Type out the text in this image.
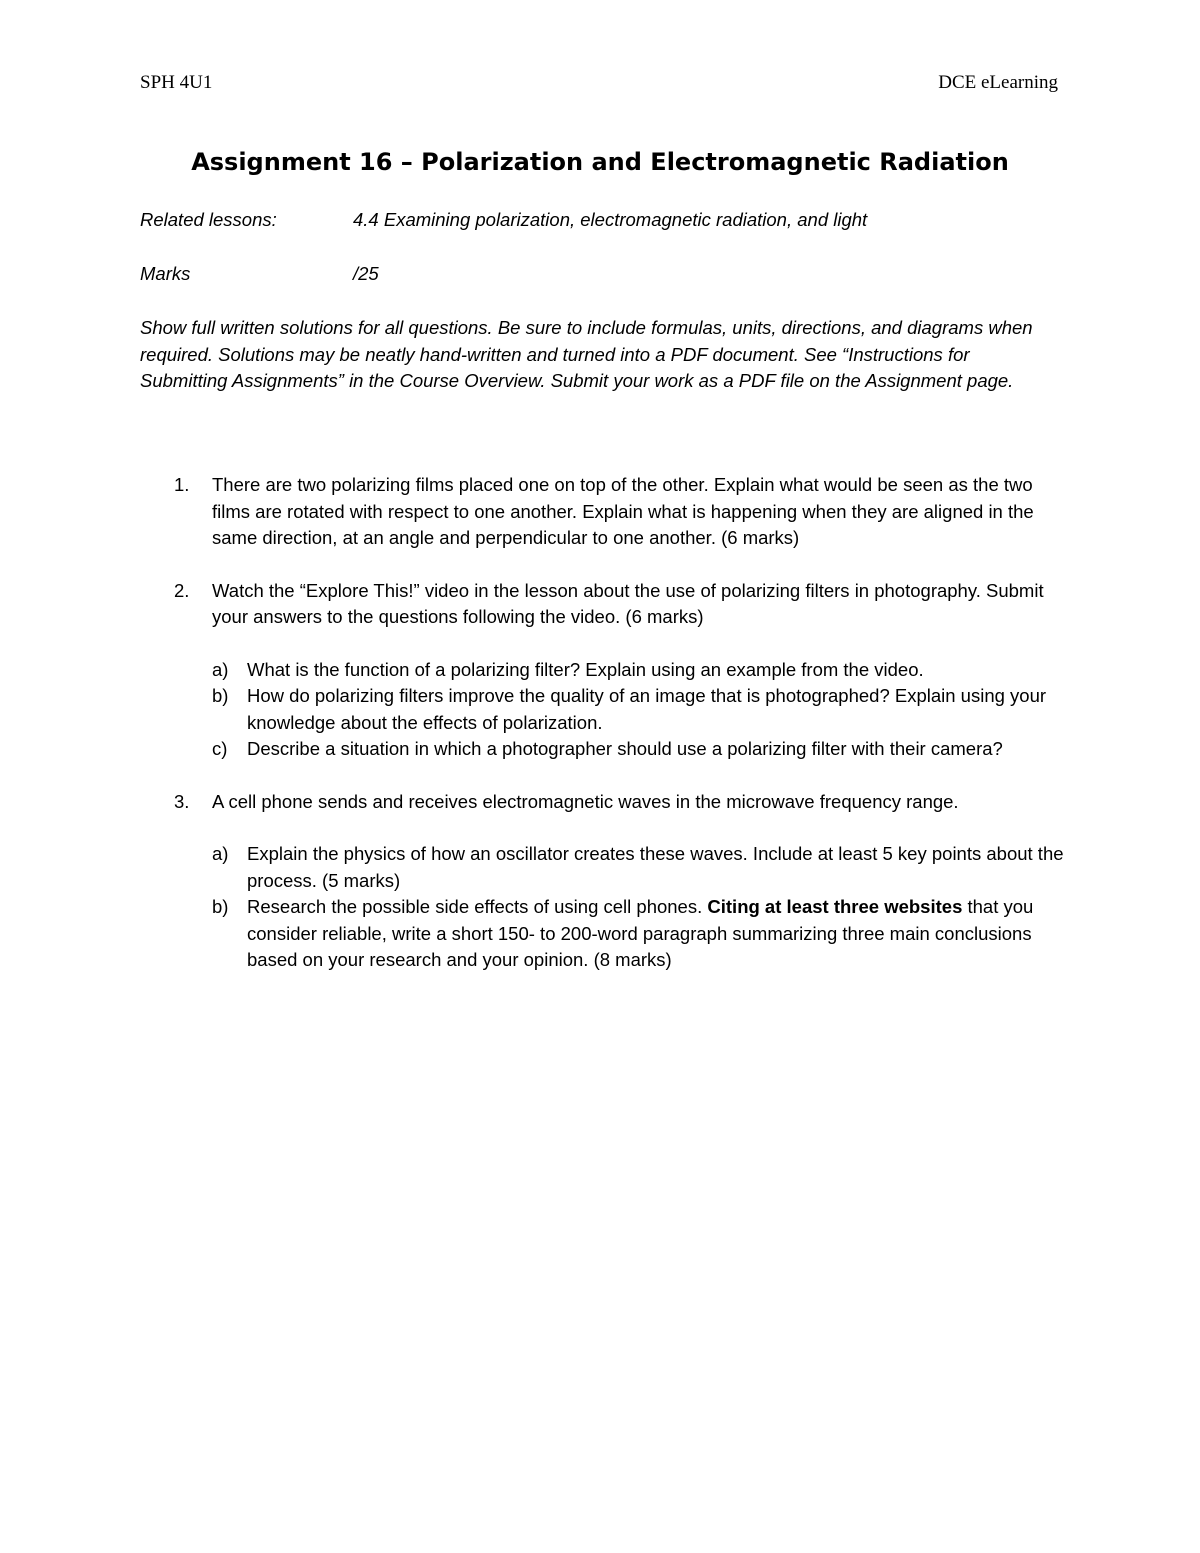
SPH 4U1	DCE eLearning
Assignment 16 – Polarization and Electromagnetic Radiation
Related lessons:	4.4 Examining polarization, electromagnetic radiation, and light
Marks	/25
Show full written solutions for all questions. Be sure to include formulas, units, directions, and diagrams when required. Solutions may be neatly hand-written and turned into a PDF document. See “Instructions for Submitting Assignments” in the Course Overview. Submit your work as a PDF file on the Assignment page.
1. There are two polarizing films placed one on top of the other. Explain what would be seen as the two films are rotated with respect to one another. Explain what is happening when they are aligned in the same direction, at an angle and perpendicular to one another. (6 marks)
2. Watch the “Explore This!” video in the lesson about the use of polarizing filters in photography. Submit your answers to the questions following the video. (6 marks)
a) What is the function of a polarizing filter? Explain using an example from the video.
b) How do polarizing filters improve the quality of an image that is photographed? Explain using your knowledge about the effects of polarization.
c) Describe a situation in which a photographer should use a polarizing filter with their camera?
3. A cell phone sends and receives electromagnetic waves in the microwave frequency range.
a) Explain the physics of how an oscillator creates these waves. Include at least 5 key points about the process. (5 marks)
b) Research the possible side effects of using cell phones. Citing at least three websites that you consider reliable, write a short 150- to 200-word paragraph summarizing three main conclusions based on your research and your opinion. (8 marks)
